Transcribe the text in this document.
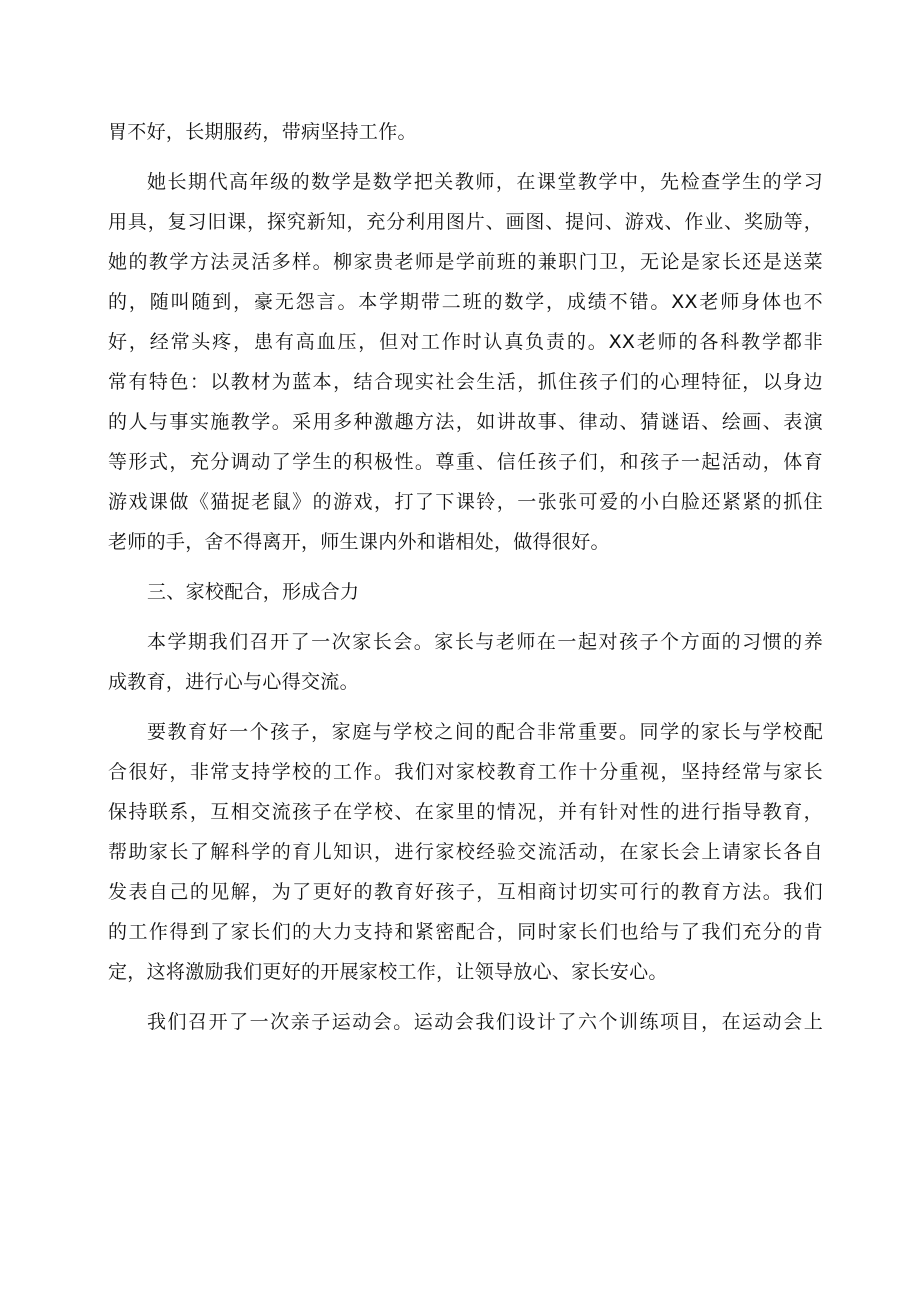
胃不好，长期服药，带病坚持工作。
她长期代高年级的数学是数学把关教师，在课堂教学中，先检查学生的学习
用具，复习旧课，探究新知，充分利用图片、画图、提问、游戏、作业、奖励等，
她的教学方法灵活多样。柳家贵老师是学前班的兼职门卫，无论是家长还是送菜
的，随叫随到，豪无怨言。本学期带二班的数学，成绩不错。XX老师身体也不
好，经常头疼，患有高血压，但对工作时认真负责的。XX老师的各科教学都非
常有特色：以教材为蓝本，结合现实社会生活，抓住孩子们的心理特征，以身边
的人与事实施教学。采用多种激趣方法，如讲故事、律动、猜谜语、绘画、表演
等形式，充分调动了学生的积极性。尊重、信任孩子们，和孩子一起活动，体育
游戏课做《猫捉老鼠》的游戏，打了下课铃，一张张可爱的小白脸还紧紧的抓住
老师的手，舍不得离开，师生课内外和谐相处，做得很好。
三、家校配合，形成合力
本学期我们召开了一次家长会。家长与老师在一起对孩子个方面的习惯的养
成教育，进行心与心得交流。
要教育好一个孩子，家庭与学校之间的配合非常重要。同学的家长与学校配
合很好，非常支持学校的工作。我们对家校教育工作十分重视，坚持经常与家长
保持联系，互相交流孩子在学校、在家里的情况，并有针对性的进行指导教育，
帮助家长了解科学的育儿知识，进行家校经验交流活动，在家长会上请家长各自
发表自己的见解，为了更好的教育好孩子，互相商讨切实可行的教育方法。我们
的工作得到了家长们的大力支持和紧密配合，同时家长们也给与了我们充分的肯
定，这将激励我们更好的开展家校工作，让领导放心、家长安心。
我们召开了一次亲子运动会。运动会我们设计了六个训练项目，在运动会上
